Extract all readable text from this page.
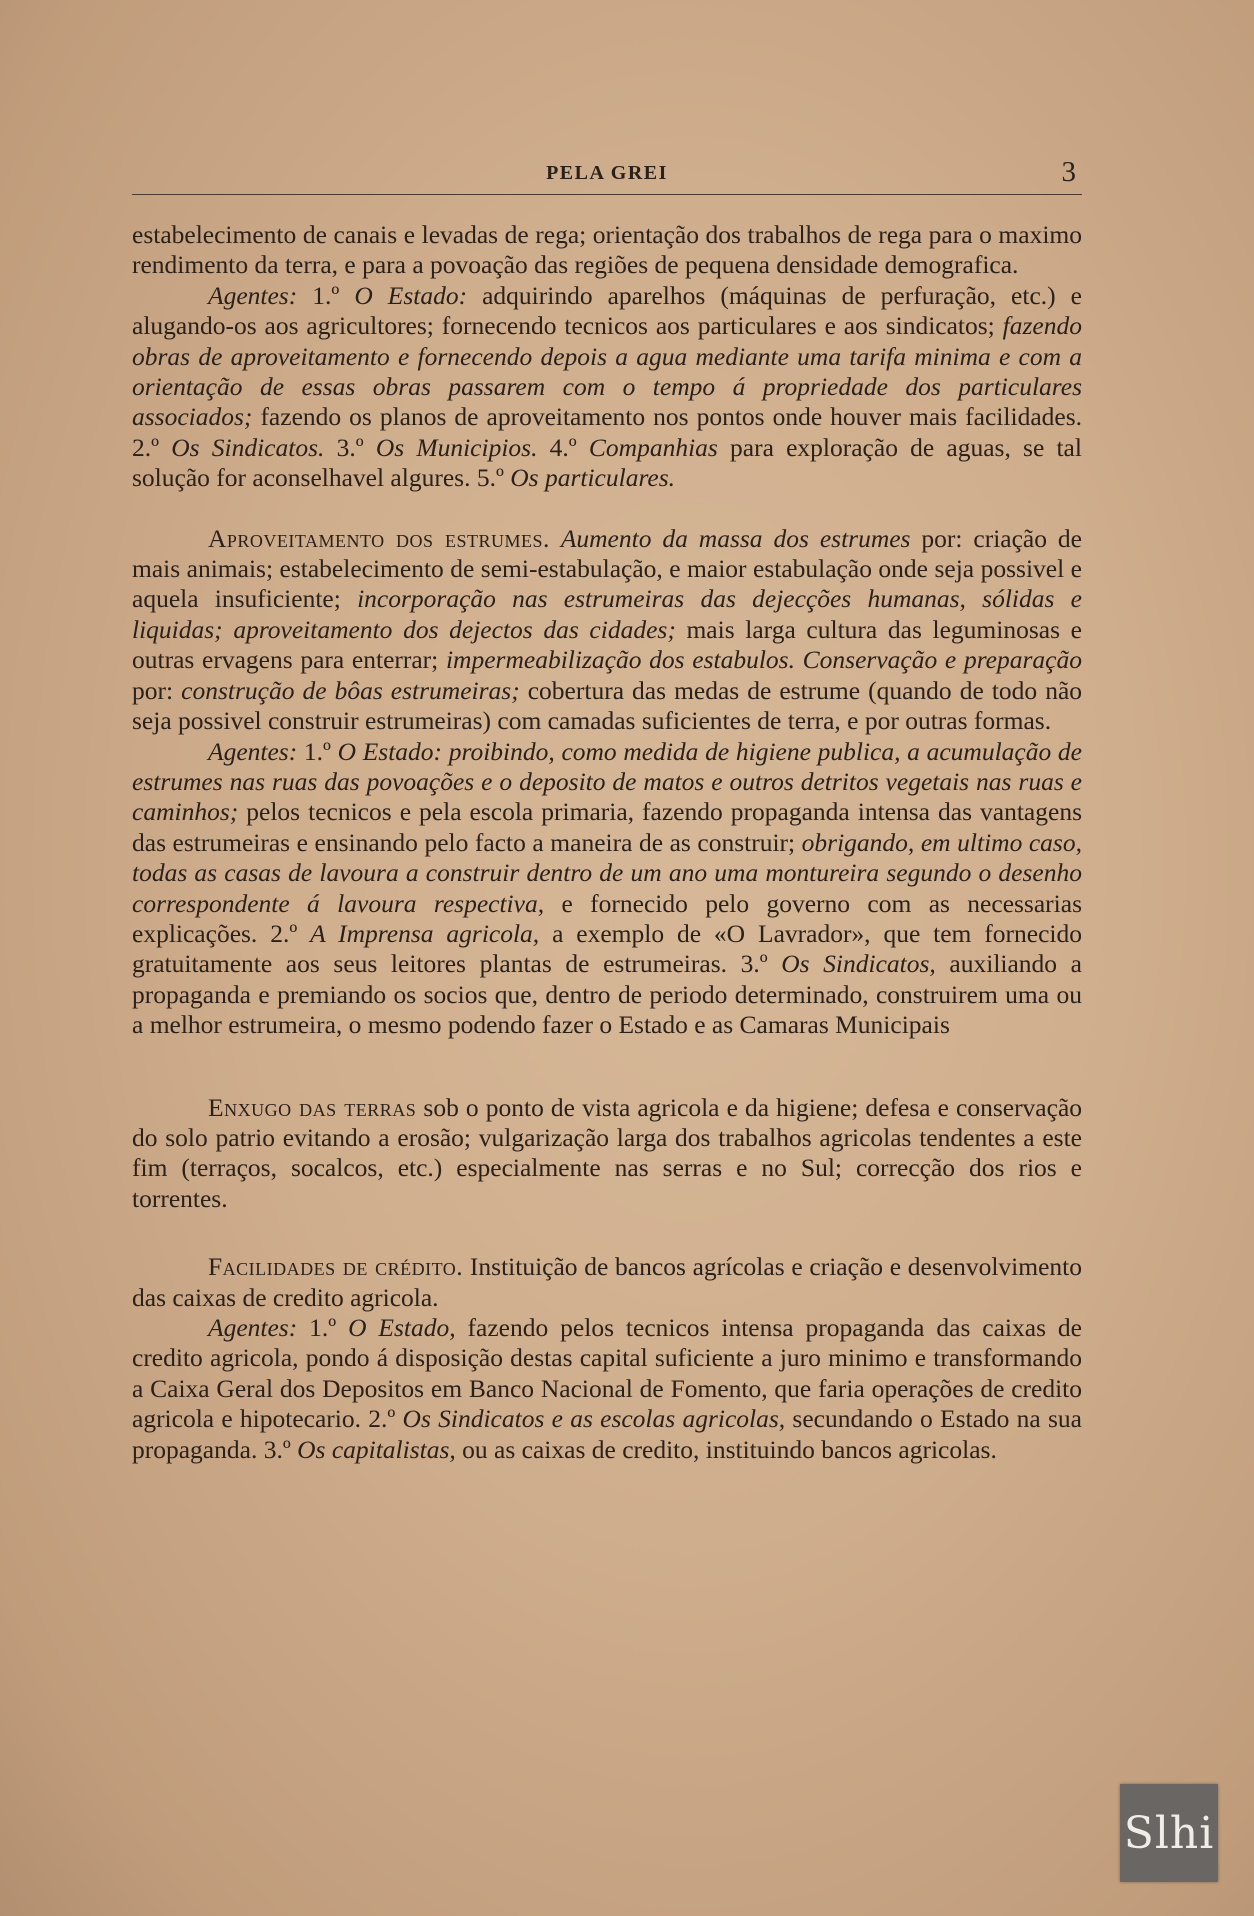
PELA GREI	3

estabelecimento de canais e levadas de rega; orientação dos trabalhos de rega para o maximo rendimento da terra, e para a povoação das regiões de pequena densidade demografica.

Agentes: 1.º O Estado: adquirindo aparelhos (máquinas de perfuração, etc.) e alugando-os aos agricultores; fornecendo tecnicos aos particulares e aos sindicatos; fazendo obras de aproveitamento e fornecendo depois a agua mediante uma tarifa minima e com a orientação de essas obras passarem com o tempo á propriedade dos particulares associados; fazendo os planos de aproveitamento nos pontos onde houver mais facilidades. 2.º Os Sindicatos. 3.º Os Municipios. 4.º Companhias para exploração de aguas, se tal solução for aconselhavel algures. 5.º Os particulares.

Aproveitamento dos estrumes. Aumento da massa dos estrumes por: criação de mais animais; estabelecimento de semi-estabulação, e maior estabulação onde seja possivel e aquela insuficiente; incorporação nas estrumeiras das dejecções humanas, sólidas e liquidas; aproveitamento dos dejectos das cidades; mais larga cultura das leguminosas e outras ervagens para enterrar; impermeabilização dos estabulos. Conservação e preparação por: construção de bôas estrumeiras; cobertura das medas de estrume (quando de todo não seja possivel construir estrumeiras) com camadas suficientes de terra, e por outras formas.

Agentes: 1.º O Estado: proibindo, como medida de higiene publica, a acumulação de estrumes nas ruas das povoações e o deposito de matos e outros detritos vegetais nas ruas e caminhos; pelos tecnicos e pela escola primaria, fazendo propaganda intensa das vantagens das estrumeiras e ensinando pelo facto a maneira de as construir; obrigando, em ultimo caso, todas as casas de lavoura a construir dentro de um ano uma montureira segundo o desenho correspondente á lavoura respectiva, e fornecido pelo governo com as necessarias explicações. 2.º A Imprensa agricola, a exemplo de «O Lavrador», que tem fornecido gratuitamente aos seus leitores plantas de estrumeiras. 3.º Os Sindicatos, auxiliando a propaganda e premiando os socios que, dentro de periodo determinado, construirem uma ou a melhor estrumeira, o mesmo podendo fazer o Estado e as Camaras Municipais

Enxugo das terras sob o ponto de vista agricola e da higiene; defesa e conservação do solo patrio evitando a erosão; vulgarização larga dos trabalhos agricolas tendentes a este fim (terraços, socalcos, etc.) especialmente nas serras e no Sul; correcção dos rios e torrentes.

Facilidades de crédito. Instituição de bancos agrícolas e criação e desenvolvimento das caixas de credito agricola.

Agentes: 1.º O Estado, fazendo pelos tecnicos intensa propaganda das caixas de credito agricola, pondo á disposição destas capital suficiente a juro minimo e transformando a Caixa Geral dos Depositos em Banco Nacional de Fomento, que faria operações de credito agricola e hipotecario. 2.º Os Sindicatos e as escolas agricolas, secundando o Estado na sua propaganda. 3.º Os capitalistas, ou as caixas de credito, instituindo bancos agricolas.

Slhi
